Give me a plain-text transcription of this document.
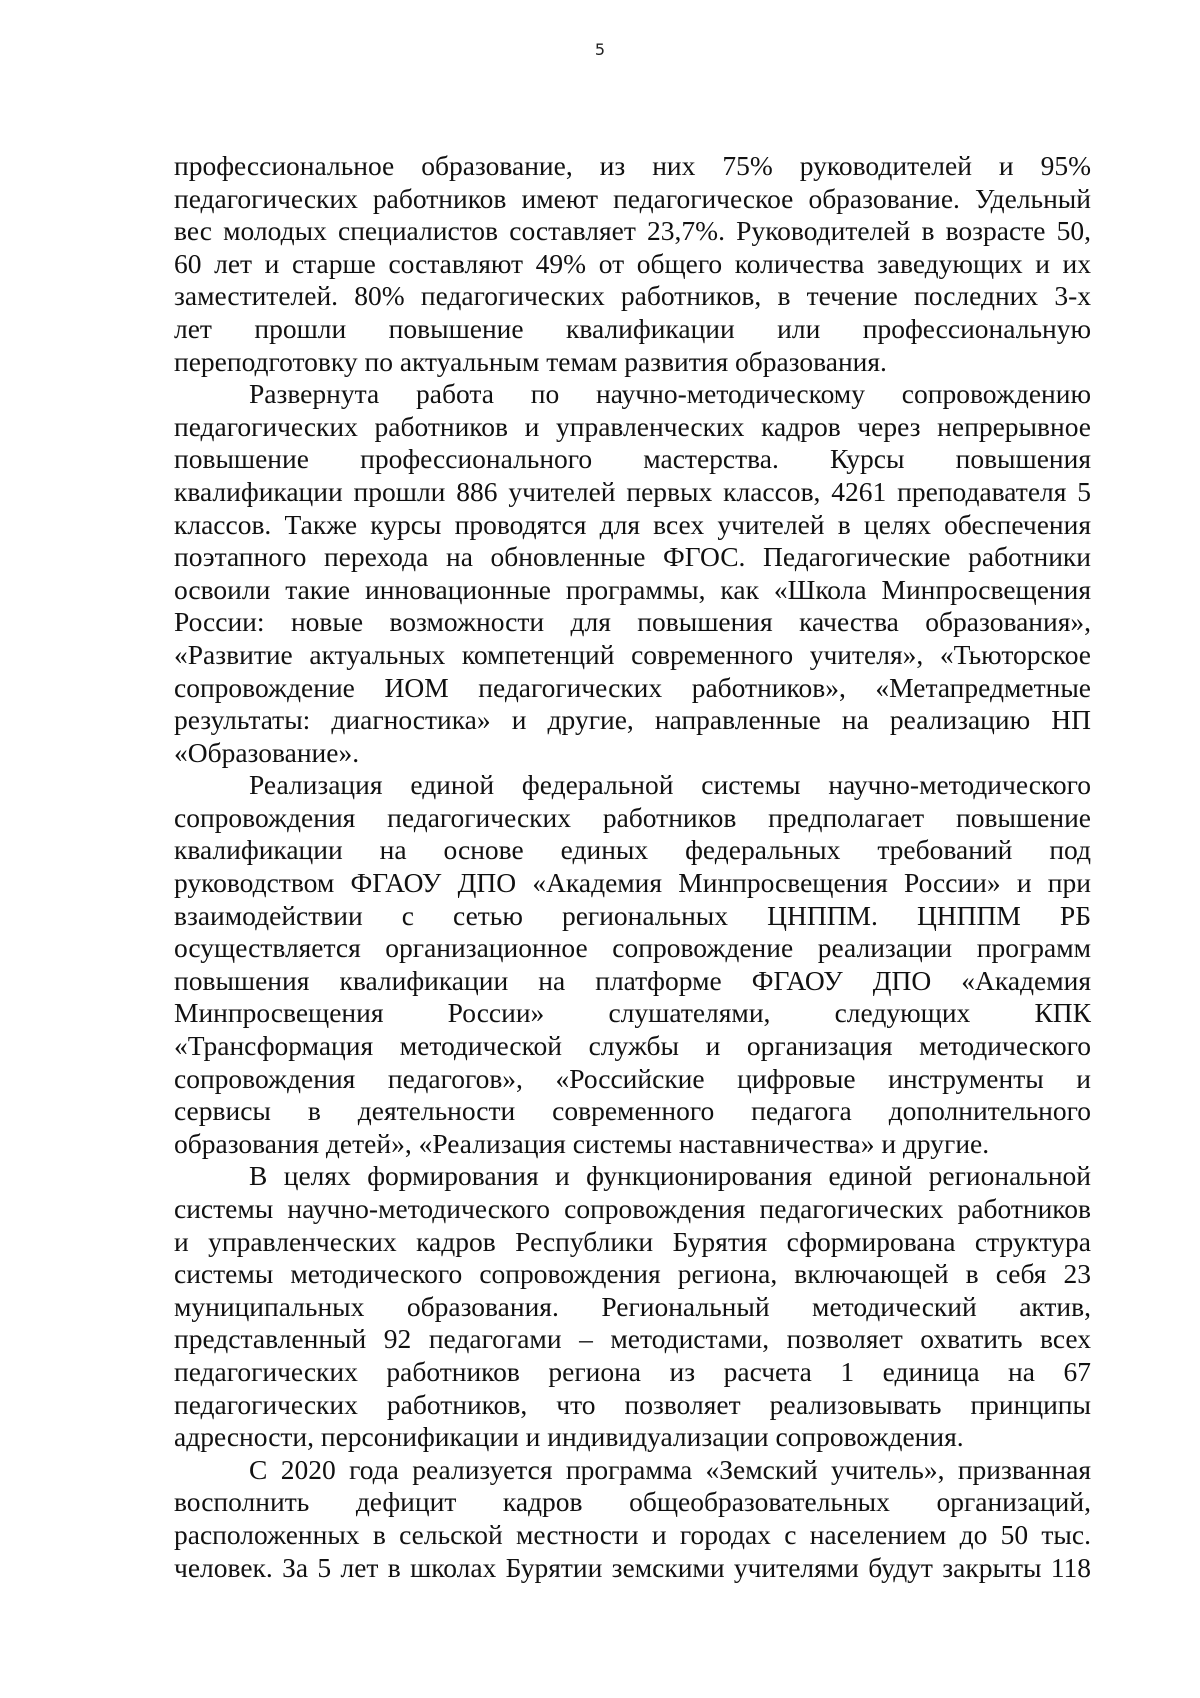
5
профессиональное образование, из них 75% руководителей и 95%
педагогических работников имеют педагогическое образование. Удельный
вес молодых специалистов составляет 23,7%. Руководителей в возрасте 50,
60 лет и старше составляют 49% от общего количества заведующих и их
заместителей. 80% педагогических работников, в течение последних 3-х
лет прошли повышение квалификации или профессиональную
переподготовку по актуальным темам развития образования.
Развернута работа по научно-методическому сопровождению
педагогических работников и управленческих кадров через непрерывное
повышение профессионального мастерства. Курсы повышения
квалификации прошли 886 учителей первых классов, 4261 преподавателя 5
классов. Также курсы проводятся для всех учителей в целях обеспечения
поэтапного перехода на обновленные ФГОС. Педагогические работники
освоили такие инновационные программы, как «Школа Минпросвещения
России: новые возможности для повышения качества образования»,
«Развитие актуальных компетенций современного учителя», «Тьюторское
сопровождение ИОМ педагогических работников», «Метапредметные
результаты: диагностика» и другие, направленные на реализацию НП
«Образование».
Реализация единой федеральной системы научно-методического
сопровождения педагогических работников предполагает повышение
квалификации на основе единых федеральных требований под
руководством ФГАОУ ДПО «Академия Минпросвещения России» и при
взаимодействии с сетью региональных ЦНППМ. ЦНППМ РБ
осуществляется организационное сопровождение реализации программ
повышения квалификации на платформе ФГАОУ ДПО «Академия
Минпросвещения России» слушателями, следующих КПК
«Трансформация методической службы и организация методического
сопровождения педагогов», «Российские цифровые инструменты и
сервисы в деятельности современного педагога дополнительного
образования детей», «Реализация системы наставничества» и другие.
В целях формирования и функционирования единой региональной
системы научно-методического сопровождения педагогических работников
и управленческих кадров Республики Бурятия сформирована структура
системы методического сопровождения региона, включающей в себя 23
муниципальных образования. Региональный методический актив,
представленный 92 педагогами – методистами, позволяет охватить всех
педагогических работников региона из расчета 1 единица на 67
педагогических работников, что позволяет реализовывать принципы
адресности, персонификации и индивидуализации сопровождения.
С 2020 года реализуется программа «Земский учитель», призванная
восполнить дефицит кадров общеобразовательных организаций,
расположенных в сельской местности и городах с населением до 50 тыс.
человек. За 5 лет в школах Бурятии земскими учителями будут закрыты 118
